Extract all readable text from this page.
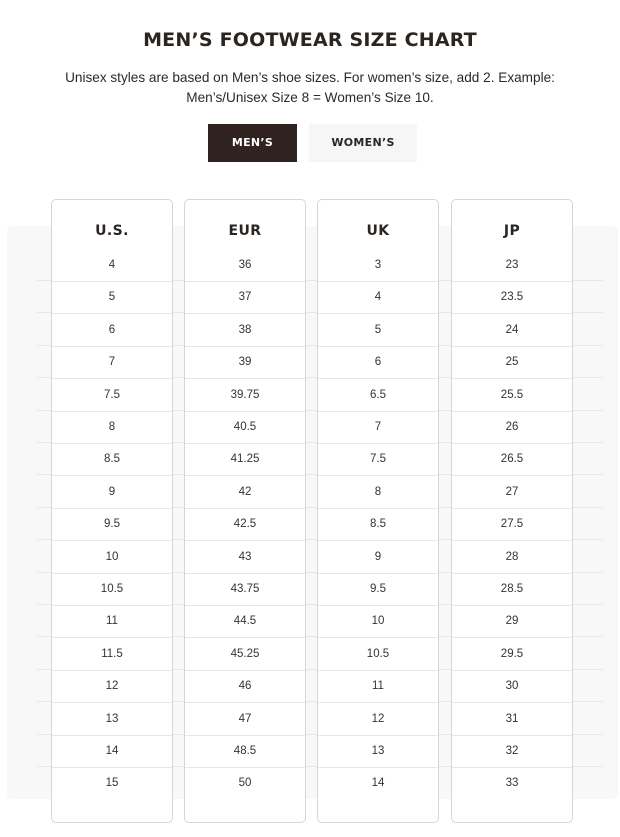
MEN’S FOOTWEAR SIZE CHART
Unisex styles are based on Men’s shoe sizes. For women’s size, add 2. Example:
Men’s/Unisex Size 8 = Women’s Size 10.
MEN’S	WOMEN’S
U.S.
4
5
6
7
7.5
8
8.5
9
9.5
10
10.5
11
11.5
12
13
14
15
EUR
36
37
38
39
39.75
40.5
41.25
42
42.5
43
43.75
44.5
45.25
46
47
48.5
50
UK
3
4
5
6
6.5
7
7.5
8
8.5
9
9.5
10
10.5
11
12
13
14
JP
23
23.5
24
25
25.5
26
26.5
27
27.5
28
28.5
29
29.5
30
31
32
33
